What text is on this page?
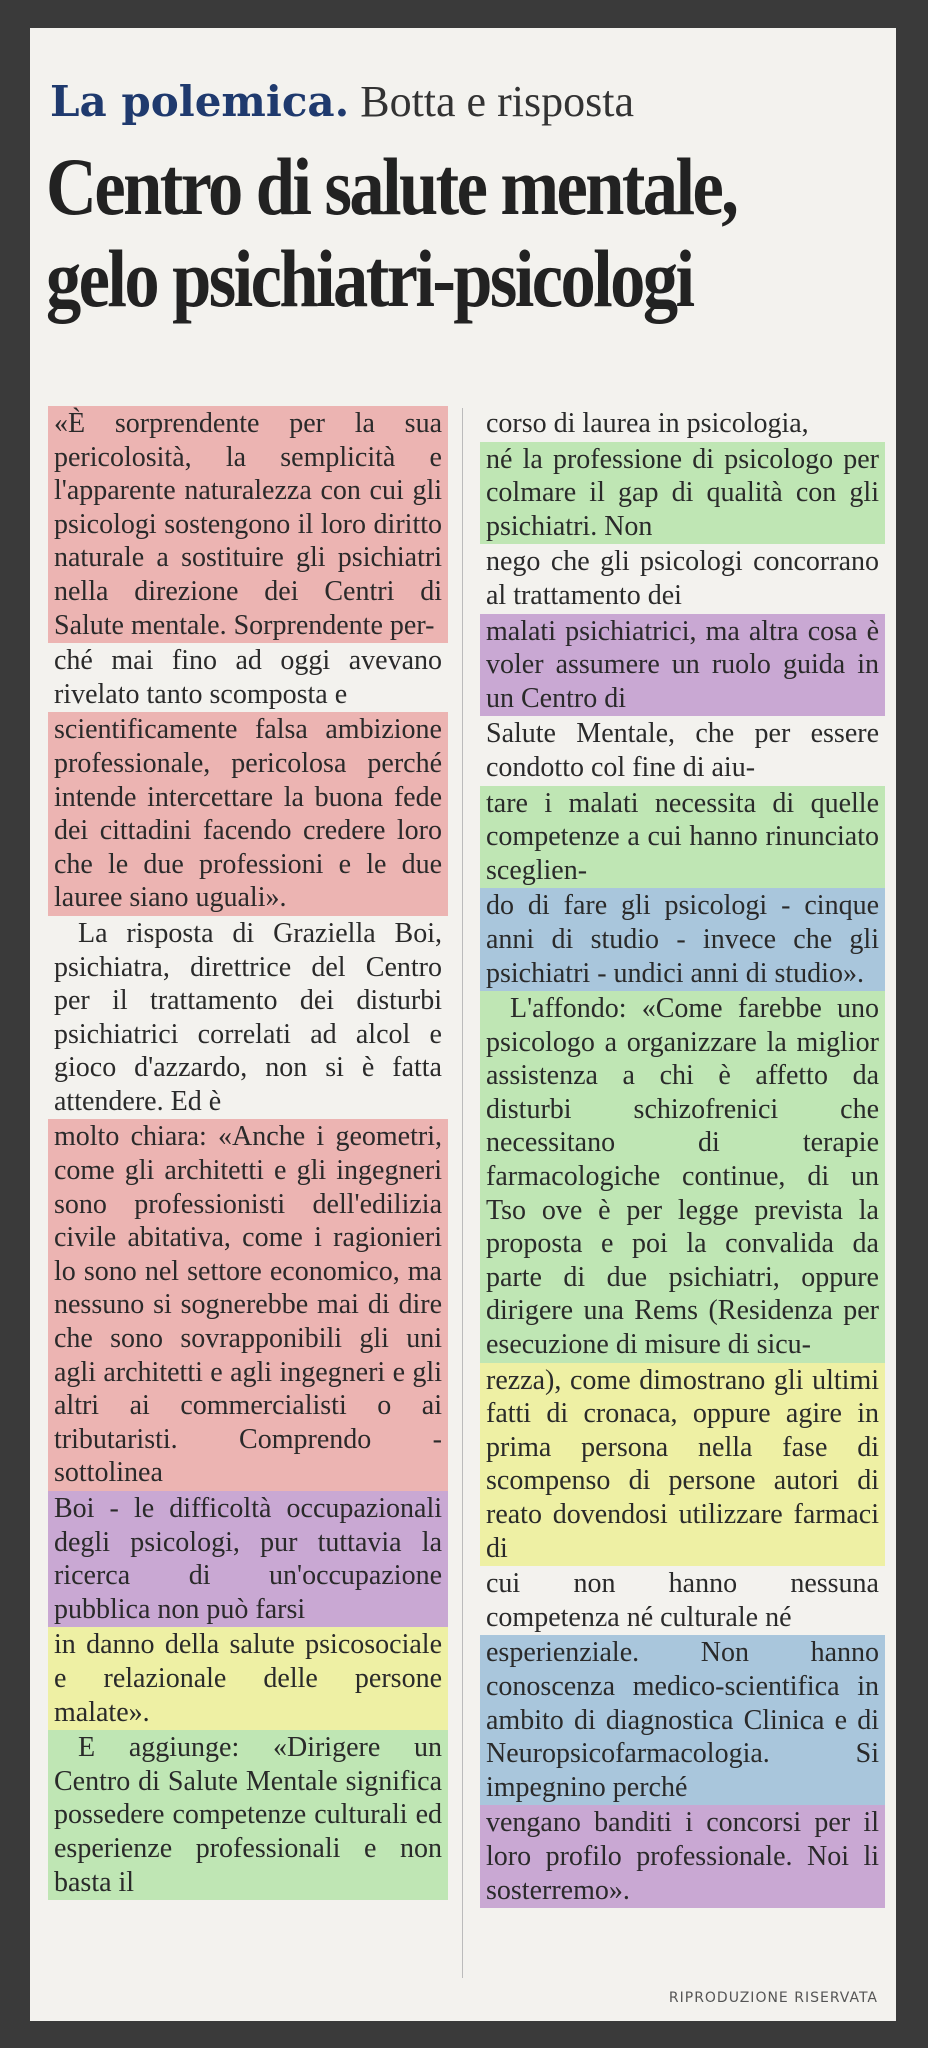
La polemica. Botta e risposta
Centro di salute mentale,
gelo psichiatri-psicologi

«È sorprendente per la sua pericolosità, la semplicità e l'apparente naturalezza con cui gli psicologi sostengono il loro diritto naturale a sostituire gli psichiatri nella direzione dei Centri di Salute mentale. Sorprendente per-

ché mai fino ad oggi avevano rivelato tanto scomposta e

scientificamente falsa ambizione professionale, pericolosa perché intende intercettare la buona fede dei cittadini facendo credere loro che le due professioni e le due lauree siano uguali».

La risposta di Graziella Boi, psichiatra, direttrice del Centro per il trattamento dei disturbi psichiatrici correlati ad alcol e gioco d'azzardo, non si è fatta attendere. Ed è

molto chiara: «Anche i geometri, come gli architetti e gli ingegneri sono professionisti dell'edilizia civile abitativa, come i ragionieri lo sono nel settore economico, ma nessuno si sognerebbe mai di dire che sono sovrapponibili gli uni agli architetti e agli ingegneri e gli altri ai commercialisti o ai tributaristi. Comprendo - sottolinea

Boi - le difficoltà occupazionali degli psicologi, pur tuttavia la ricerca di un'occupazione pubblica non può farsi

in danno della salute psicosociale e relazionale delle persone malate».

E aggiunge: «Dirigere un Centro di Salute Mentale significa possedere competenze culturali ed esperienze professionali e non basta il

corso di laurea in psicologia,

né la professione di psicologo per colmare il gap di qualità con gli psichiatri. Non

nego che gli psicologi concorrano al trattamento dei

malati psichiatrici, ma altra cosa è voler assumere un ruolo guida in un Centro di

Salute Mentale, che per essere condotto col fine di aiu-

tare i malati necessita di quelle competenze a cui hanno rinunciato sceglien-

do di fare gli psicologi - cinque anni di studio - invece che gli psichiatri - undici anni di studio».

L'affondo: «Come farebbe uno psicologo a organizzare la miglior assistenza a chi è affetto da disturbi schizofrenici che necessitano di terapie farmacologiche continue, di un Tso ove è per legge prevista la proposta e poi la convalida da parte di due psichiatri, oppure dirigere una Rems (Residenza per esecuzione di misure di sicu-

rezza), come dimostrano gli ultimi fatti di cronaca, oppure agire in prima persona nella fase di scompenso di persone autori di reato dovendosi utilizzare farmaci di

cui non hanno nessuna competenza né culturale né

esperienziale. Non hanno conoscenza medico-scientifica in ambito di diagnostica Clinica e di Neuropsicofarmacologia. Si impegnino perché

vengano banditi i concorsi per il loro profilo professionale. Noi li sosterremo».

RIPRODUZIONE RISERVATA
